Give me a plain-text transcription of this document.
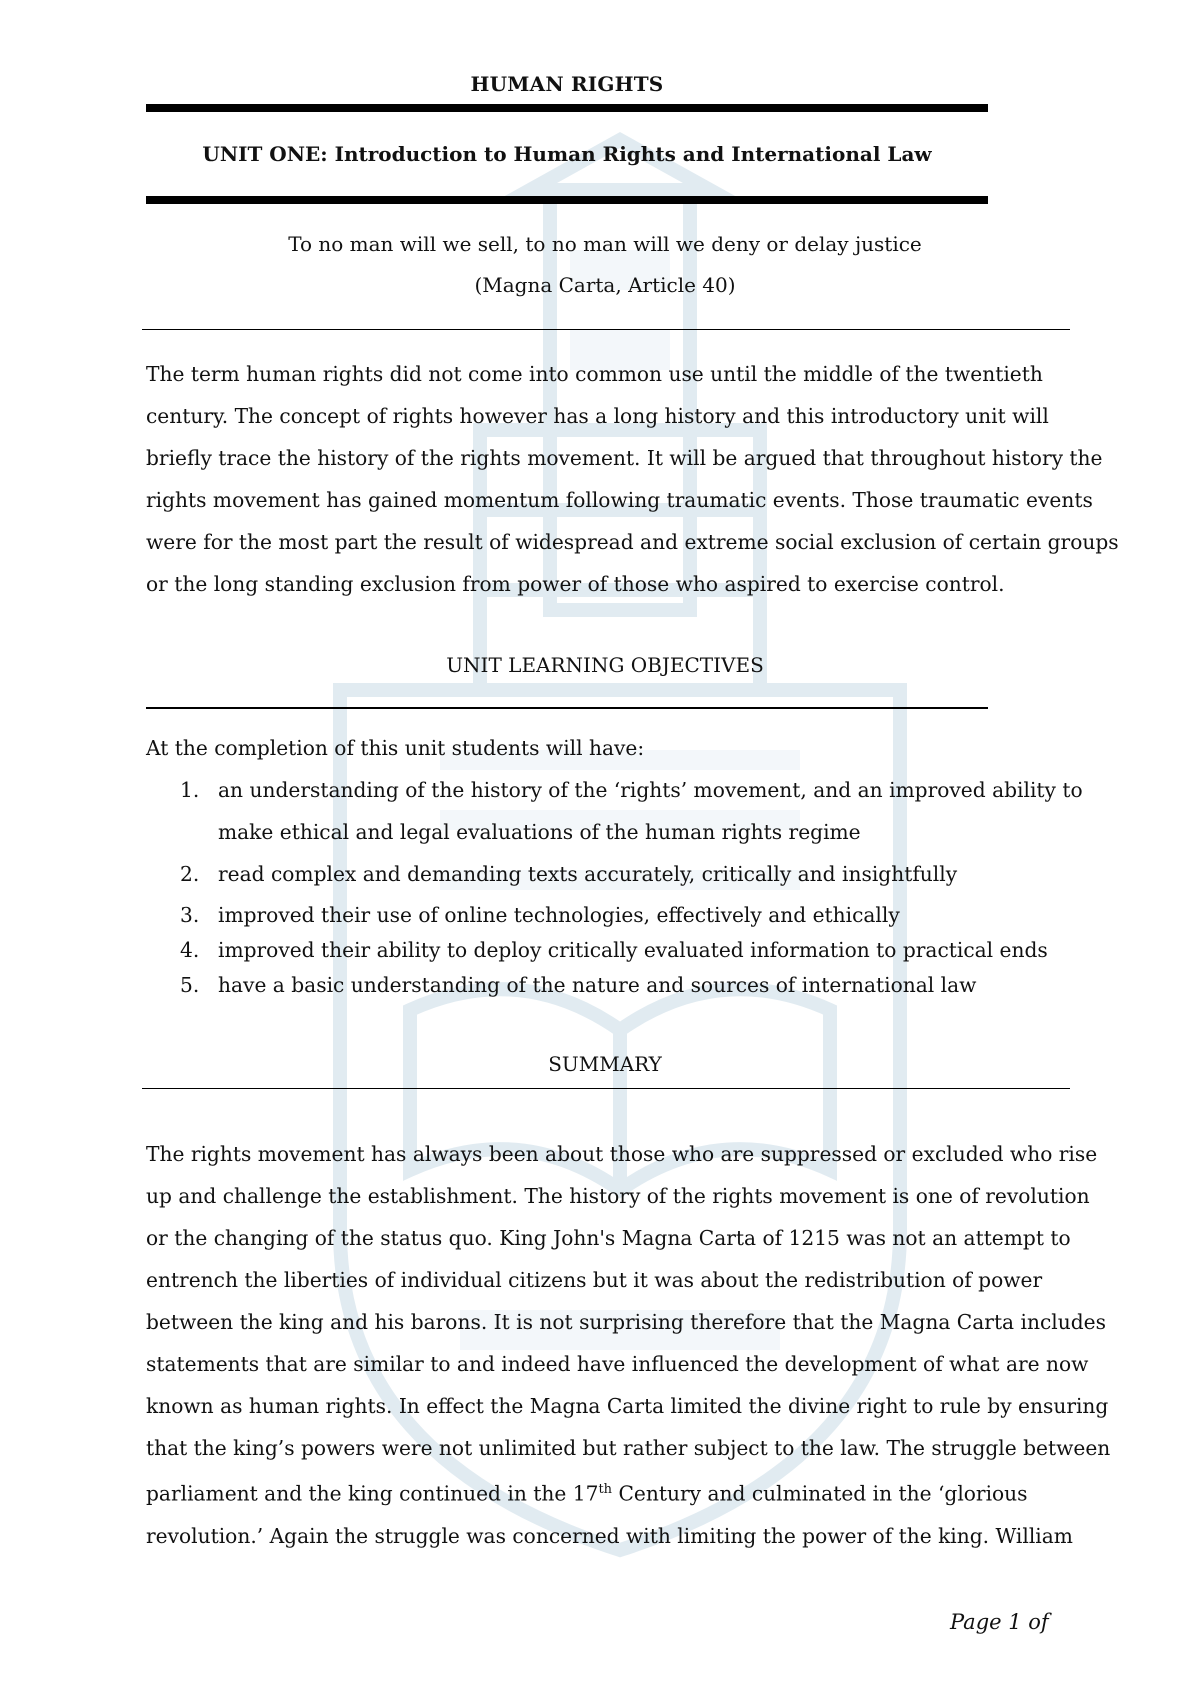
HUMAN RIGHTS
UNIT ONE: Introduction to Human Rights and International Law
To no man will we sell, to no man will we deny or delay justice
(Magna Carta, Article 40)
The term human rights did not come into common use until the middle of the twentieth
century. The concept of rights however has a long history and this introductory unit will
briefly trace the history of the rights movement. It will be argued that throughout history the
rights movement has gained momentum following traumatic events. Those traumatic events
were for the most part the result of widespread and extreme social exclusion of certain groups
or the long standing exclusion from power of those who aspired to exercise control.
UNIT LEARNING OBJECTIVES
At the completion of this unit students will have:
1. an understanding of the history of the ‘rights’ movement, and an improved ability to
make ethical and legal evaluations of the human rights regime
2. read complex and demanding texts accurately, critically and insightfully
3. improved their use of online technologies, effectively and ethically
4. improved their ability to deploy critically evaluated information to practical ends
5. have a basic understanding of the nature and sources of international law
SUMMARY
The rights movement has always been about those who are suppressed or excluded who rise
up and challenge the establishment. The history of the rights movement is one of revolution
or the changing of the status quo. King John's Magna Carta of 1215 was not an attempt to
entrench the liberties of individual citizens but it was about the redistribution of power
between the king and his barons. It is not surprising therefore that the Magna Carta includes
statements that are similar to and indeed have influenced the development of what are now
known as human rights. In effect the Magna Carta limited the divine right to rule by ensuring
that the king’s powers were not unlimited but rather subject to the law. The struggle between
parliament and the king continued in the 17th Century and culminated in the ‘glorious
revolution.’ Again the struggle was concerned with limiting the power of the king. William
Page 1 of
